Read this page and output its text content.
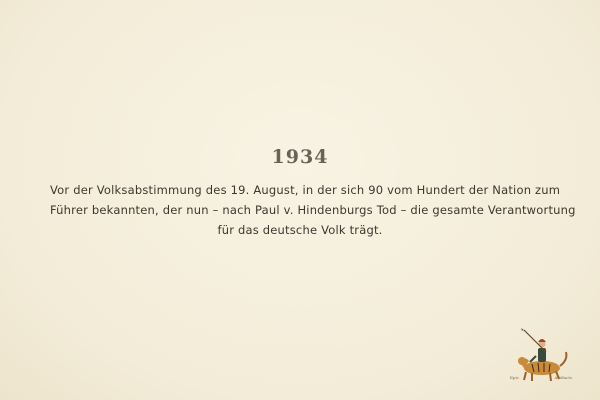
1934
Vor der Volksabstimmung des 19. August, in der sich 90 vom Hundert der Nation zum
Führer bekannten, der nun – nach Paul v. Hindenburgs Tod – die gesamte Verantwortung
für das deutsche Volk trägt.
Epic	Artifacts
